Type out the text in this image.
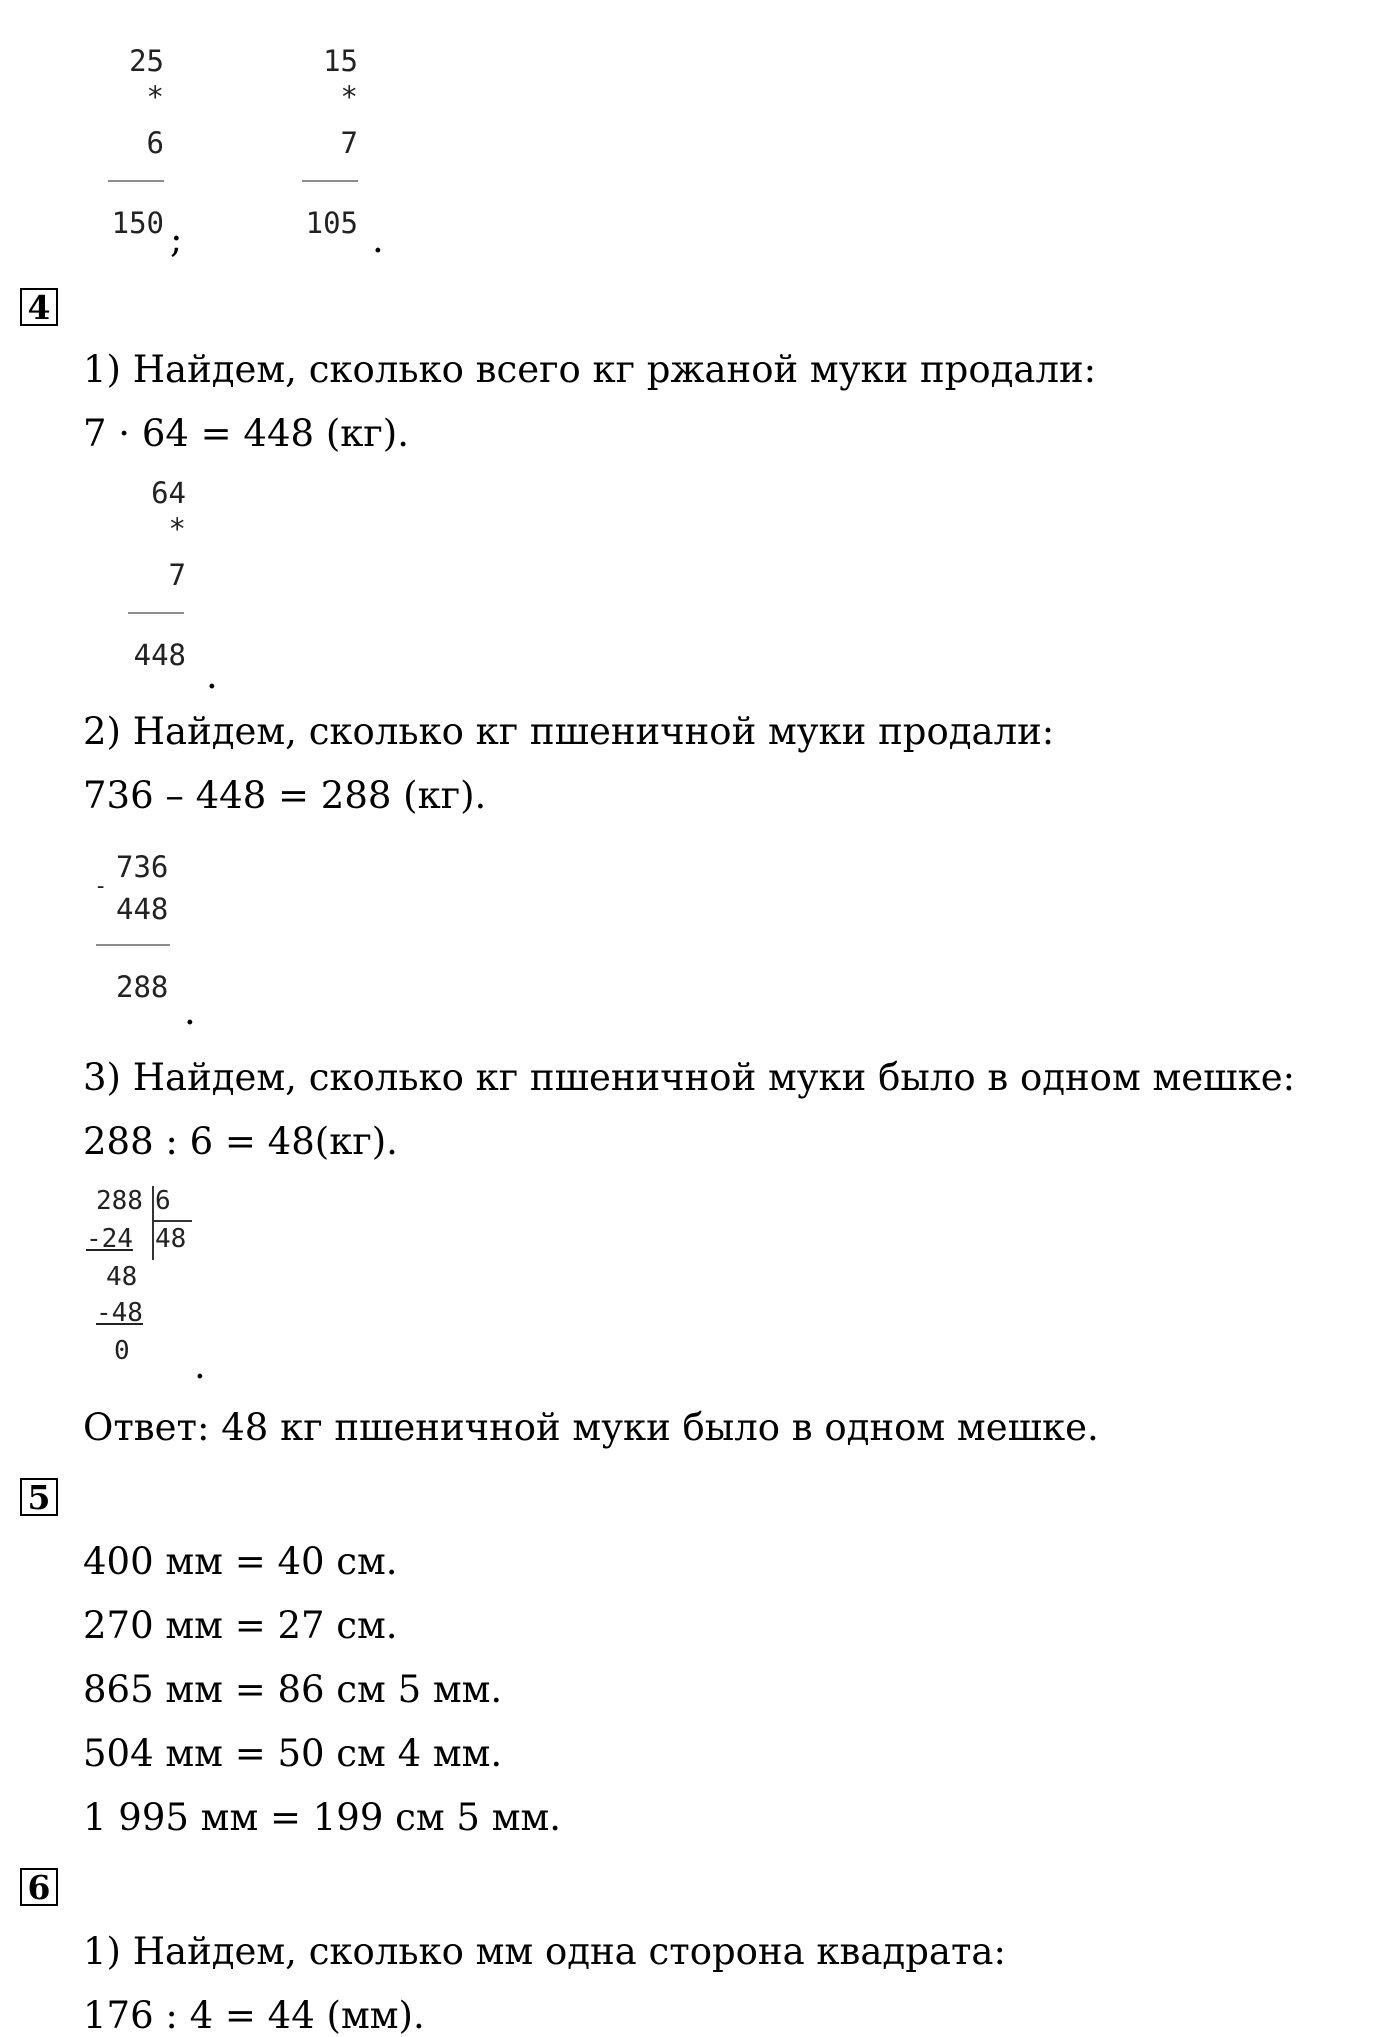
25
*
6
150 ;
15
*
7
105 .
4
1) Найдем, сколько всего кг ржаной муки продали:
7 · 64 = 448 (кг).
64
*
7
448 .
2) Найдем, сколько кг пшеничной муки продали:
736 – 448 = 288 (кг).
-
736
448
288
.
3) Найдем, сколько кг пшеничной муки было в одном мешке:
288 : 6 = 48(кг).
288 6
48
-24
48
-48
0 .
Ответ: 48 кг пшеничной муки было в одном мешке.
5
400 мм = 40 см.
270 мм = 27 см.
865 мм = 86 см 5 мм.
504 мм = 50 см 4 мм.
1 995 мм = 199 см 5 мм.
6
1) Найдем, сколько мм одна сторона квадрата:
176 : 4 = 44 (мм).
